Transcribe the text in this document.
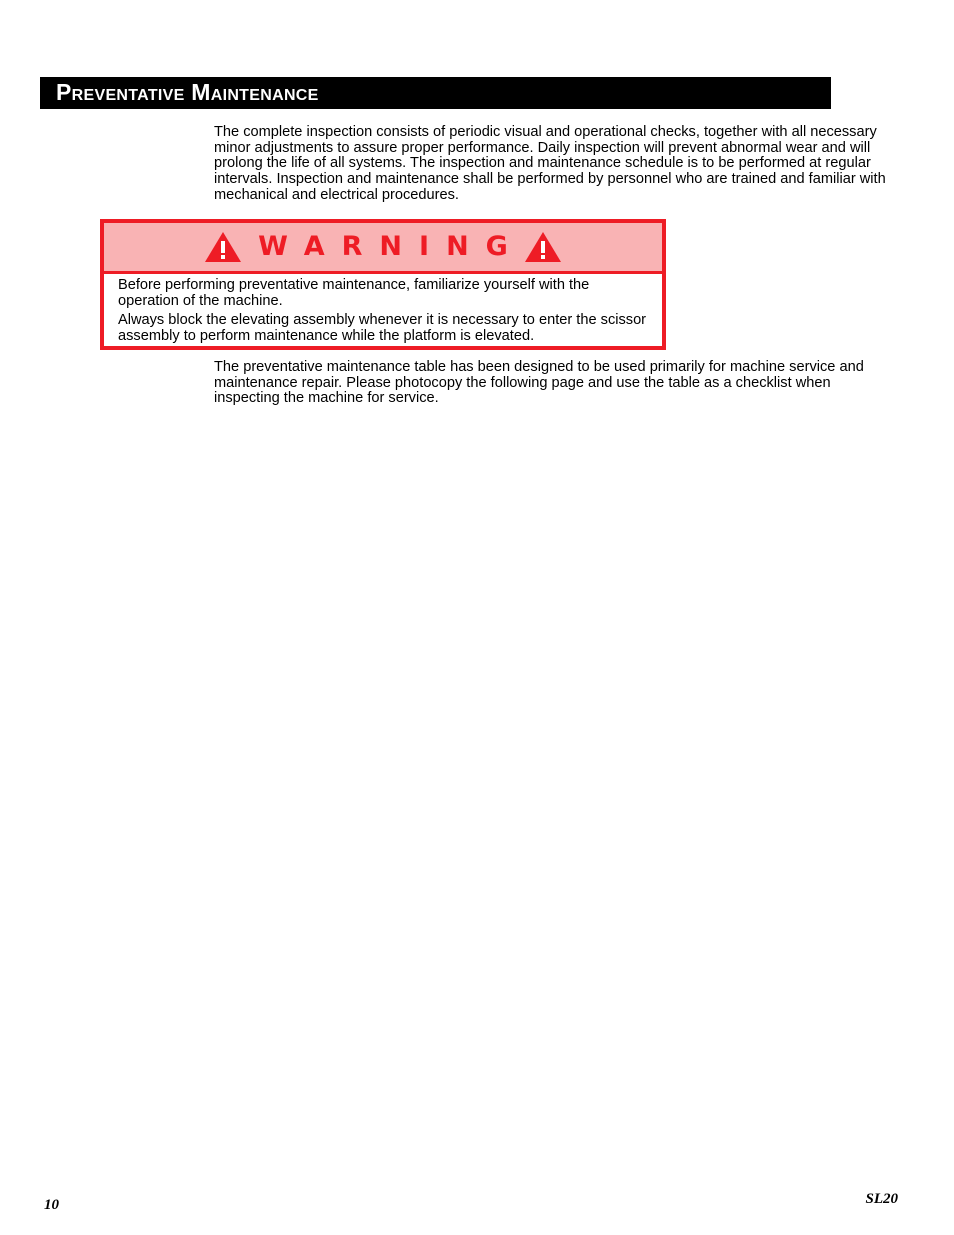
Preventative Maintenance

The complete inspection consists of periodic visual and operational checks, together with all necessary minor adjustments to assure proper performance. Daily inspection will prevent abnormal wear and will prolong the life of all systems. The inspection and maintenance schedule is to be performed at regular intervals. Inspection and maintenance shall be performed by personnel who are trained and familiar with mechanical and electrical procedures.

WARNING

Before performing preventative maintenance, familiarize yourself with the operation of the machine.

Always block the elevating assembly whenever it is necessary to enter the scissor assembly to perform maintenance while the platform is elevated.

The preventative maintenance table has been designed to be used primarily for machine service and maintenance repair. Please photocopy the following page and use the table as a checklist when inspecting the machine for service.

10	SL20
